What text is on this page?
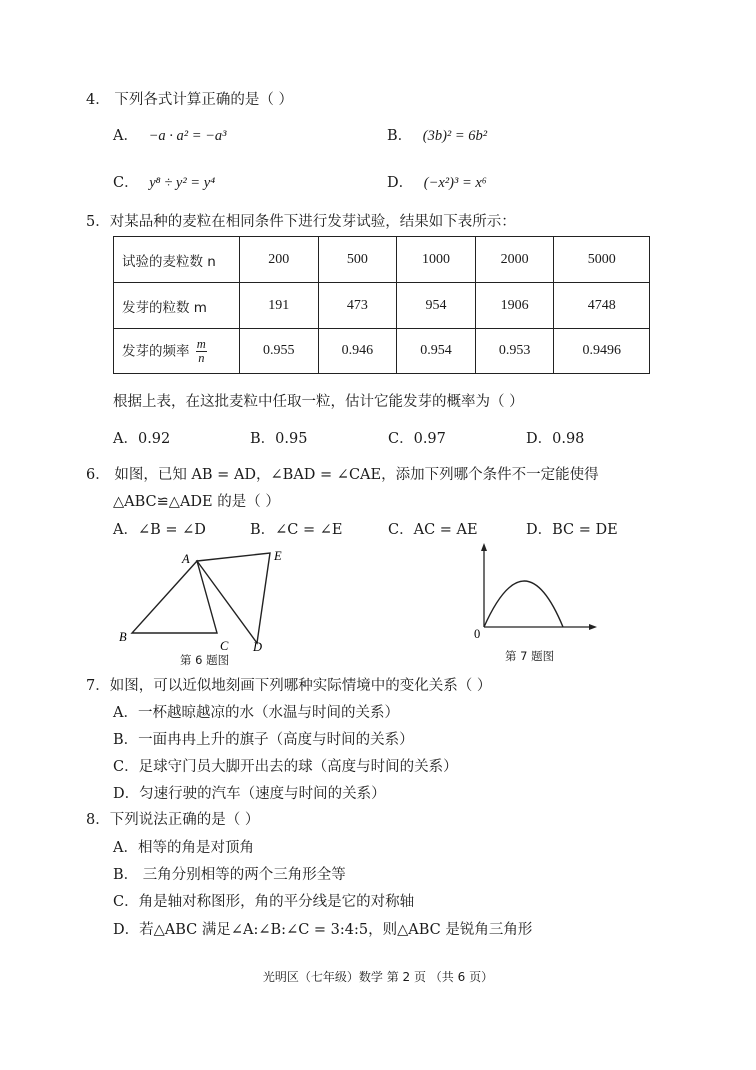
4． 下列各式计算正确的是（ ）
A． −a · a² = −a³	B． (3b)² = 6b²
C． y⁸ ÷ y² = y⁴	D． (−x²)³ = x⁶
5．对某品种的麦粒在相同条件下进行发芽试验，结果如下表所示：
试验的麦粒数 n	200	500	1000	2000	5000
发芽的粒数 m	191	473	954	1906	4748
发芽的频率 $\frac{m}{n}$	0.955	0.946	0.954	0.953	0.9496
根据上表，在这批麦粒中任取一粒，估计它能发芽的概率为（ ）
A．0.92	B．0.95	C．0.97	D．0.98
6． 如图，已知 AB = AD，∠BAD = ∠CAE，添加下列哪个条件不一定能使得
△ABC≌△ADE 的是（ ）
A．∠B = ∠D	B．∠C = ∠E	C．AC = AE	D．BC = DE
A
B
C D
E
第 6 题图
0
第 7 题图
7．如图，可以近似地刻画下列哪种实际情境中的变化关系（ ）
A．一杯越晾越凉的水（水温与时间的关系）
B．一面冉冉上升的旗子（高度与时间的关系）
C．足球守门员大脚开出去的球（高度与时间的关系）
D．匀速行驶的汽车（速度与时间的关系）
8．下列说法正确的是（ ）
A．相等的角是对顶角
B． 三角分别相等的两个三角形全等
C．角是轴对称图形，角的平分线是它的对称轴
D．若△ABC 满足∠A:∠B:∠C = 3:4:5，则△ABC 是锐角三角形
光明区（七年级）数学 第 2 页 （共 6 页）
